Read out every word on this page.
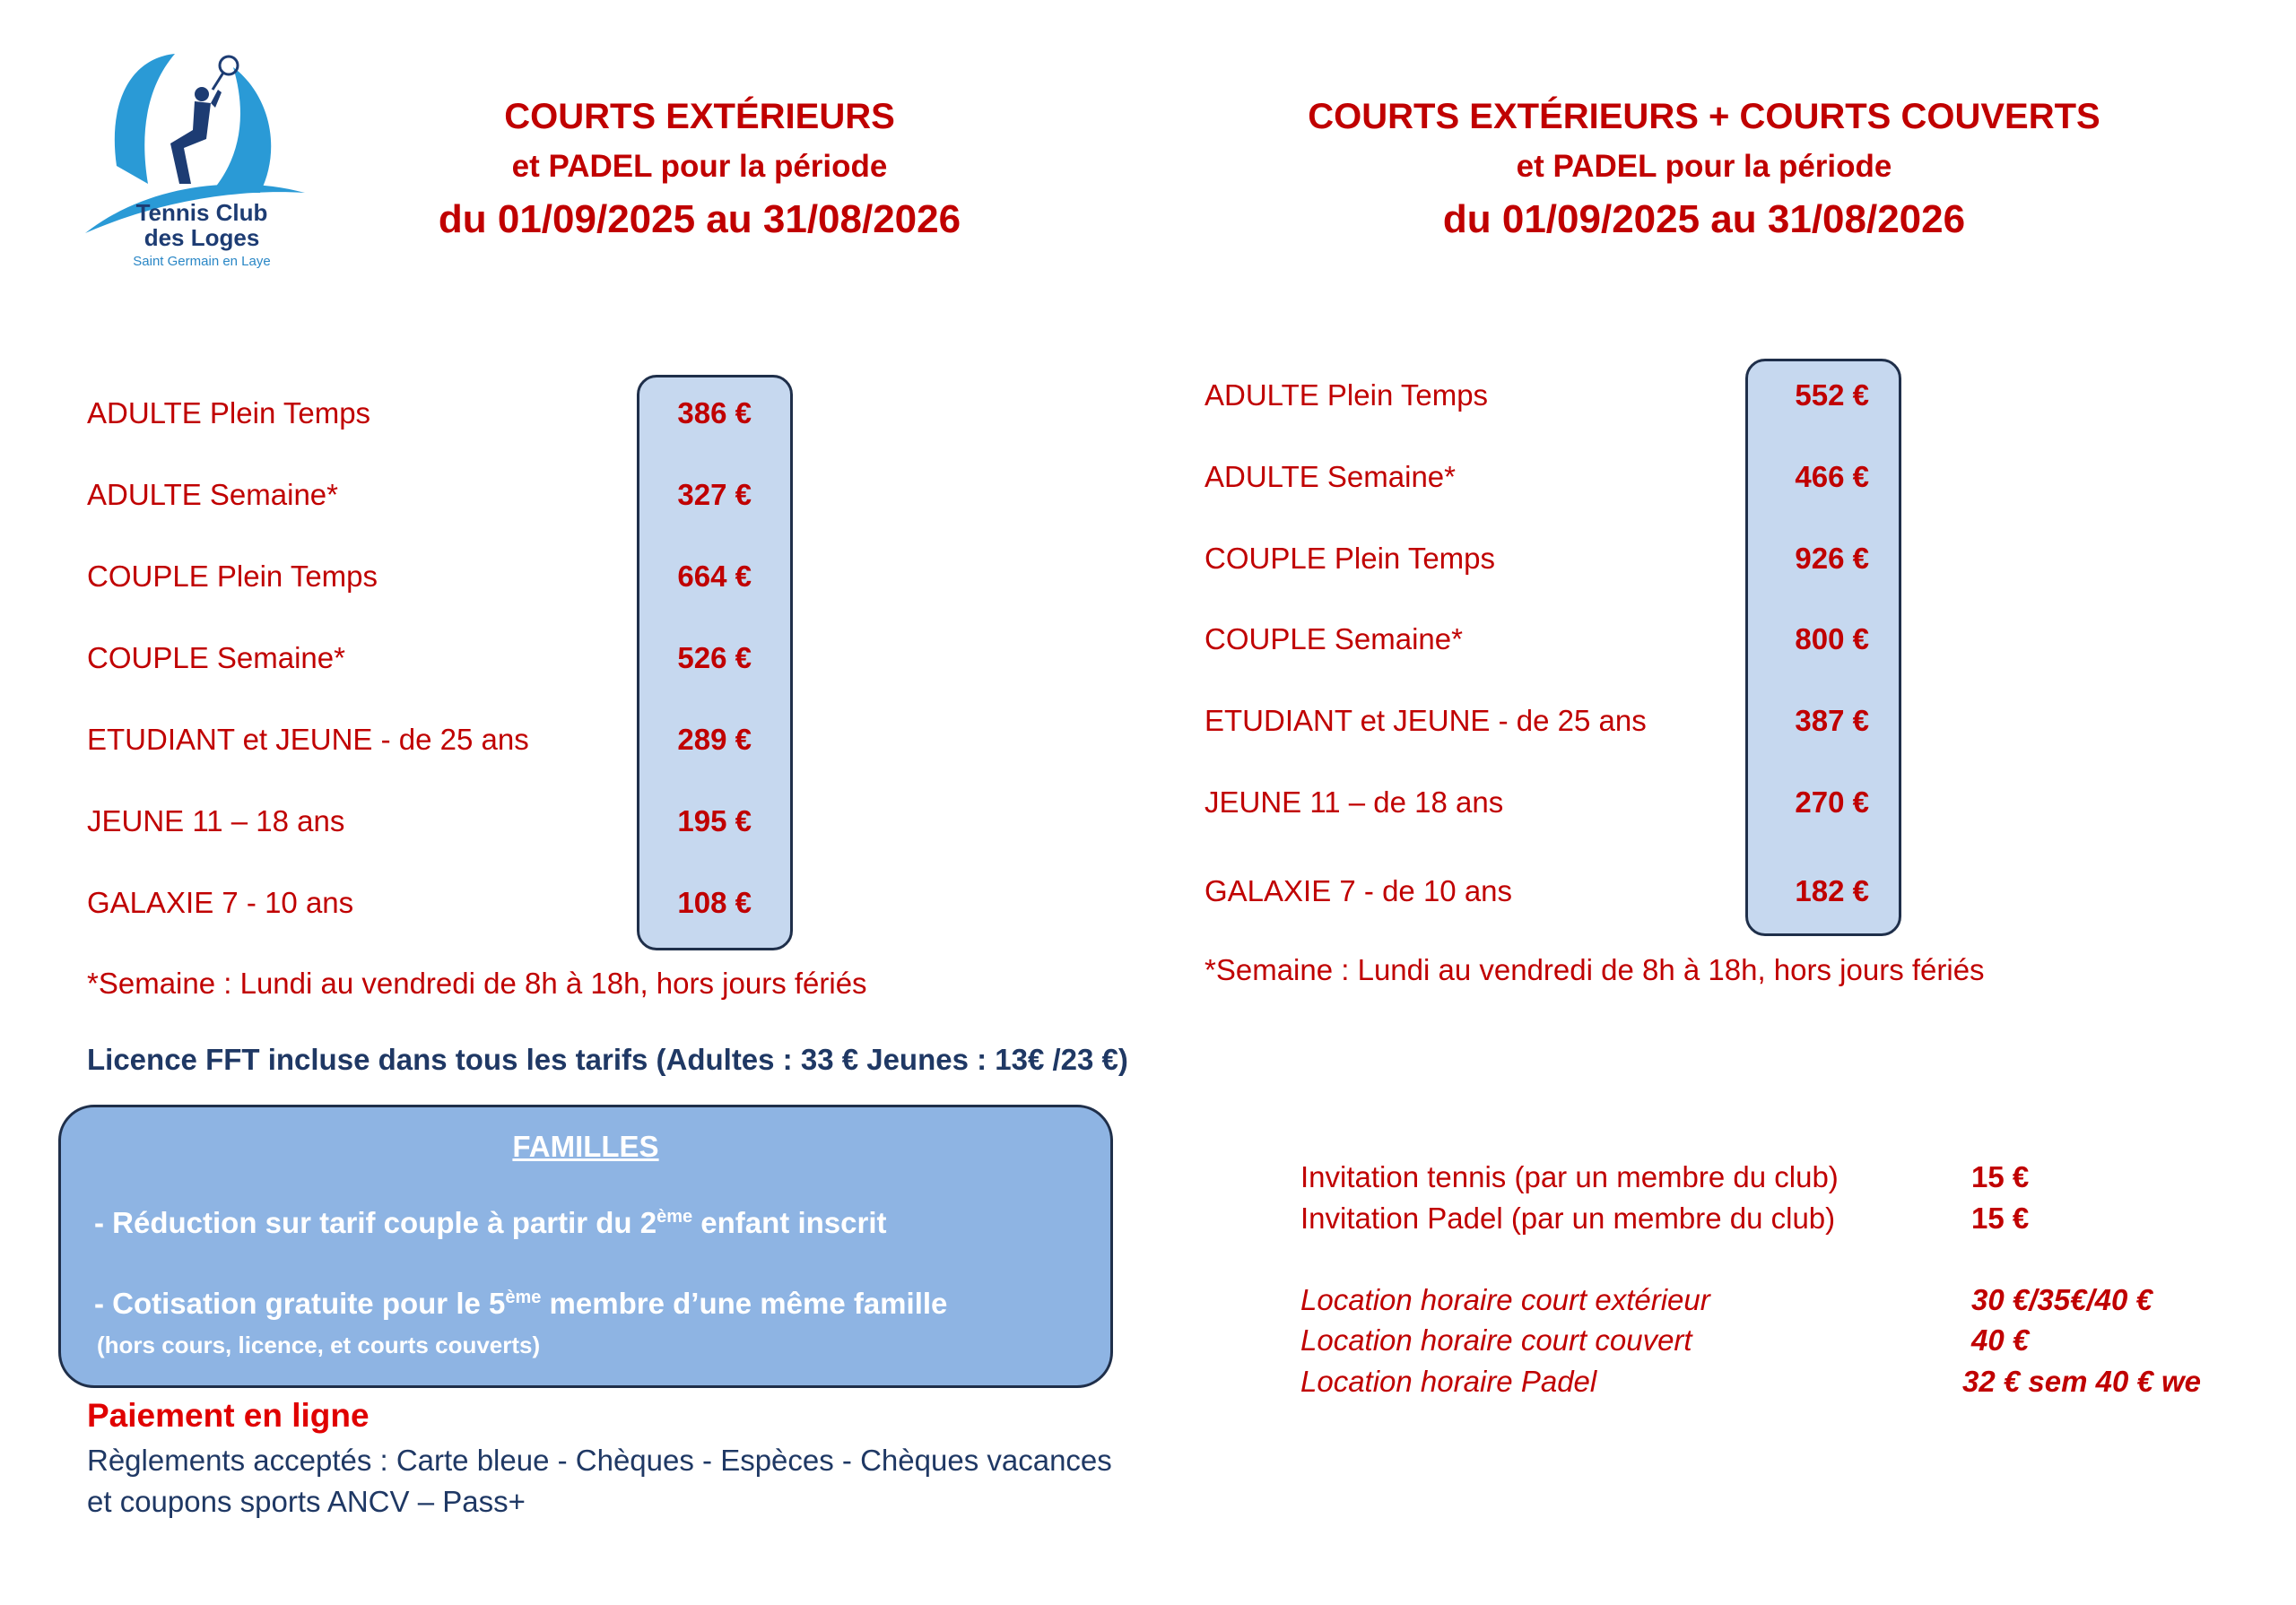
Tennis Club
des Loges
Saint Germain en Laye
COURTS EXTÉRIEURS
et PADEL pour la période
du 01/09/2025 au 31/08/2026
COURTS EXTÉRIEURS + COURTS COUVERTS
et PADEL pour la période
du 01/09/2025 au 31/08/2026
ADULTE Plein Temps	386 €
ADULTE Semaine*	327 €
COUPLE Plein Temps	664 €
COUPLE Semaine*	526 €
ETUDIANT et JEUNE - de 25 ans	289 €
JEUNE 11 – 18 ans	195 €
GALAXIE 7 - 10 ans	108 €
*Semaine : Lundi au vendredi de 8h à 18h, hors jours fériés
ADULTE Plein Temps	552 €
ADULTE Semaine*	466 €
COUPLE Plein Temps	926 €
COUPLE Semaine*	800 €
ETUDIANT et JEUNE - de 25 ans	387 €
JEUNE 11 – de 18 ans	270 €
GALAXIE 7 - de 10 ans	182 €
*Semaine : Lundi au vendredi de 8h à 18h, hors jours fériés
Licence FFT incluse dans tous les tarifs (Adultes : 33 € Jeunes : 13€ /23 €)
FAMILLES
- Réduction sur tarif couple à partir du 2ème enfant inscrit
- Cotisation gratuite pour le 5ème membre d’une même famille
(hors cours, licence, et courts couverts)
Paiement en ligne
Règlements acceptés : Carte bleue - Chèques - Espèces - Chèques vacances
et coupons sports ANCV – Pass+
Invitation tennis (par un membre du club)	15 €
Invitation Padel (par un membre du club)	15 €
Location horaire court extérieur	30 €/35€/40 €
Location horaire court couvert	40 €
Location horaire Padel	32 € sem 40 € we
